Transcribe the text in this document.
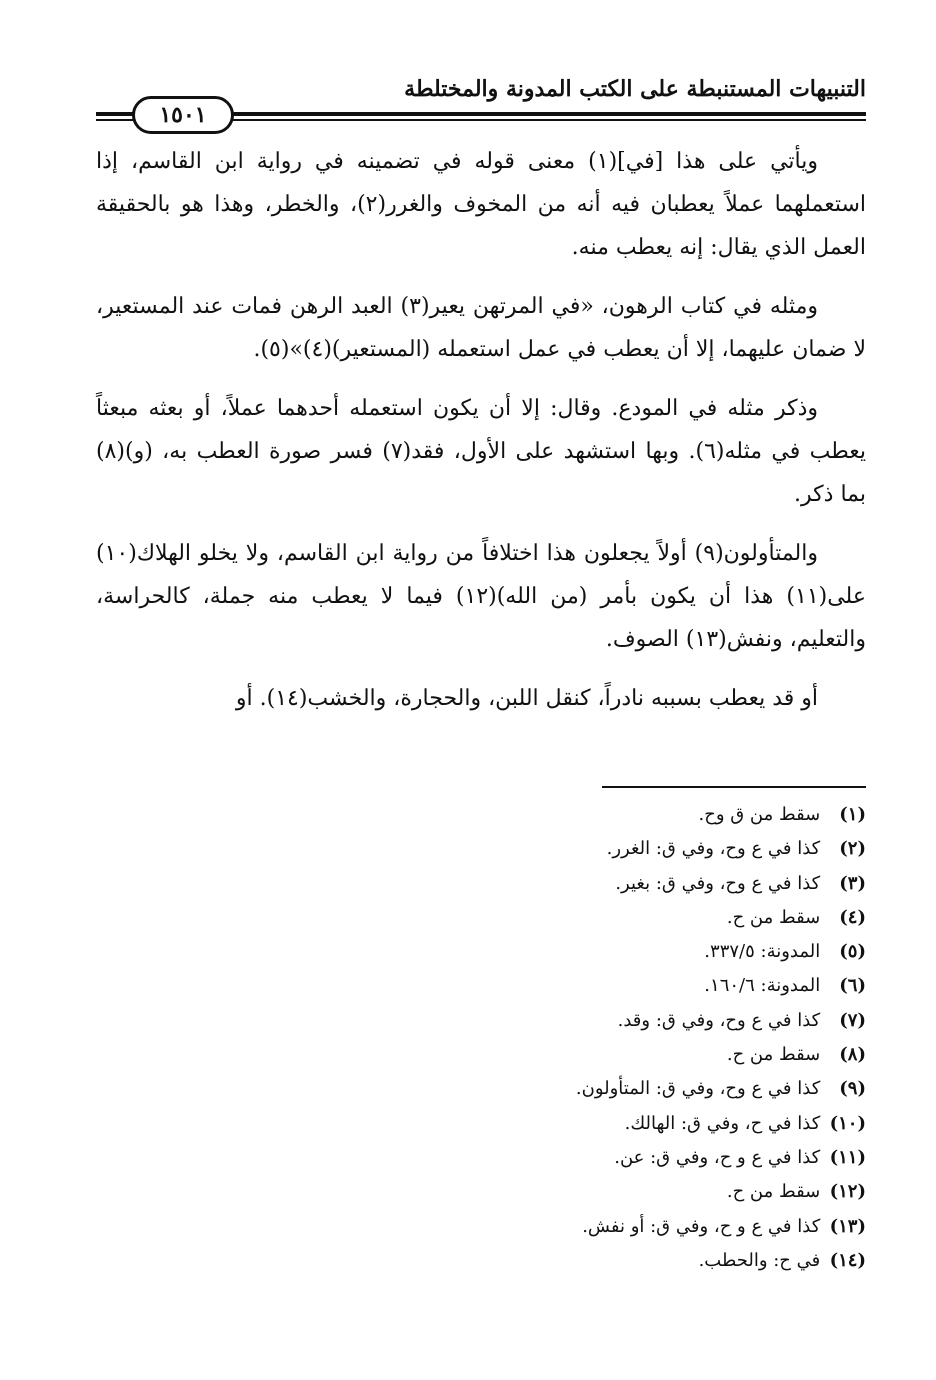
التنبيهات المستنبطة على الكتب المدونة والمختلطة
١٥٠١

ويأتي على هذا [في](١) معنى قوله في تضمينه في رواية ابن القاسم، إذا استعملهما عملاً يعطبان فيه أنه من المخوف والغرر(٢)، والخطر، وهذا هو بالحقيقة العمل الذي يقال: إنه يعطب منه.

ومثله في كتاب الرهون، «في المرتهن يعير(٣) العبد الرهن فمات عند المستعير، لا ضمان عليهما، إلا أن يعطب في عمل استعمله (المستعير)(٤)»(٥).

وذكر مثله في المودع. وقال: إلا أن يكون استعمله أحدهما عملاً، أو بعثه مبعثاً يعطب في مثله(٦). وبها استشهد على الأول، فقد(٧) فسر صورة العطب به، (و)(٨) بما ذكر.

والمتأولون(٩) أولاً يجعلون هذا اختلافاً من رواية ابن القاسم، ولا يخلو الهلاك(١٠) على(١١) هذا أن يكون بأمر (من الله)(١٢) فيما لا يعطب منه جملة، كالحراسة، والتعليم، ونفش(١٣) الصوف.

أو قد يعطب بسببه نادراً، كنقل اللبن، والحجارة، والخشب(١٤). أو

(١) سقط من ق وح.
(٢) كذا في ع وح، وفي ق: الغرر.
(٣) كذا في ع وح، وفي ق: بغير.
(٤) سقط من ح.
(٥) المدونة: ٣٣٧/٥.
(٦) المدونة: ١٦٠/٦.
(٧) كذا في ع وح، وفي ق: وقد.
(٨) سقط من ح.
(٩) كذا في ع وح، وفي ق: المتأولون.
(١٠) كذا في ح، وفي ق: الهالك.
(١١) كذا في ع و ح، وفي ق: عن.
(١٢) سقط من ح.
(١٣) كذا في ع و ح، وفي ق: أو نفش.
(١٤) في ح: والحطب.
